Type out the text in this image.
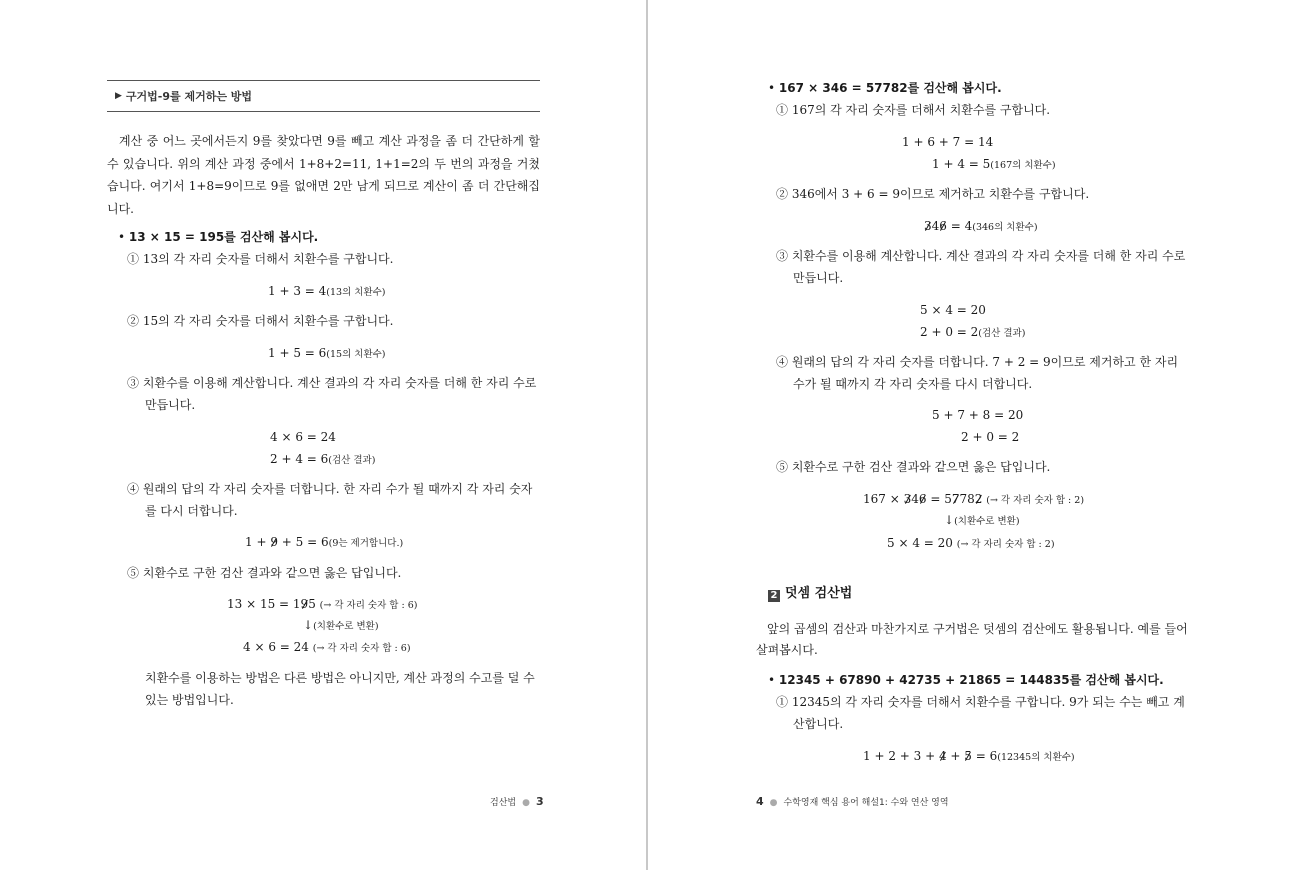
▶ 구거법-9를 제거하는 방법
계산 중 어느 곳에서든지 9를 찾았다면 9를 빼고 계산 과정을 좀 더 간단하게 할 수 있습니다. 위의 계산 과정 중에서 1+8+2=11, 1+1=2의 두 번의 과정을 거쳤습니다. 여기서 1+8=9이므로 9를 없애면 2만 남게 되므로 계산이 좀 더 간단해집니다.
• 13 × 15 = 195를 검산해 봅시다.
① 13의 각 자리 숫자를 더해서 치환수를 구합니다.
1 + 3 = 4(13의 치환수)
② 15의 각 자리 숫자를 더해서 치환수를 구합니다.
1 + 5 = 6(15의 치환수)
③ 치환수를 이용해 계산합니다. 계산 결과의 각 자리 숫자를 더해 한 자리 수로
만듭니다.
4 × 6 = 24
2 + 4 = 6(검산 결과)
④ 원래의 답의 각 자리 숫자를 더합니다. 한 자리 수가 될 때까지 각 자리 숫자
를 다시 더합니다.
1 + 9 + 5 = 6(9는 제거합니다.)
⑤ 치환수로 구한 검산 결과와 같으면 옳은 답입니다.
13 × 15 = 195 (→ 각 자리 숫자 합 : 6)
↓(치환수로 변환)
4 × 6 = 24 (→ 각 자리 숫자 합 : 6)
치환수를 이용하는 방법은 다른 방법은 아니지만, 계산 과정의 수고를 덜 수
있는 방법입니다.
검산법 ● 3
• 167 × 346 = 57782를 검산해 봅시다.
① 167의 각 자리 숫자를 더해서 치환수를 구합니다.
1 + 6 + 7 = 14
1 + 4 = 5(167의 치환수)
② 346에서 3 + 6 = 9이므로 제거하고 치환수를 구합니다.
346 = 4(346의 치환수)
③ 치환수를 이용해 계산합니다. 계산 결과의 각 자리 숫자를 더해 한 자리 수로
만듭니다.
5 × 4 = 20
2 + 0 = 2(검산 결과)
④ 원래의 답의 각 자리 숫자를 더합니다. 7 + 2 = 9이므로 제거하고 한 자리
수가 될 때까지 각 자리 숫자를 다시 더합니다.
5 + 7 + 8 = 20
2 + 0 = 2
⑤ 치환수로 구한 검산 결과와 같으면 옳은 답입니다.
167 × 346 = 57782 (→ 각 자리 숫자 합 : 2)
↓(치환수로 변환)
5 × 4 = 20 (→ 각 자리 숫자 합 : 2)
2 덧셈 검산법
앞의 곱셈의 검산과 마찬가지로 구거법은 덧셈의 검산에도 활용됩니다. 예를 들어
살펴봅시다.
• 12345 + 67890 + 42735 + 21865 = 144835를 검산해 봅시다.
① 12345의 각 자리 숫자를 더해서 치환수를 구합니다. 9가 되는 수는 빼고 계
산합니다.
1 + 2 + 3 + 4 + 5 = 6(12345의 치환수)
4 ● 수학영재 핵심 용어 해설1: 수와 연산 영역
